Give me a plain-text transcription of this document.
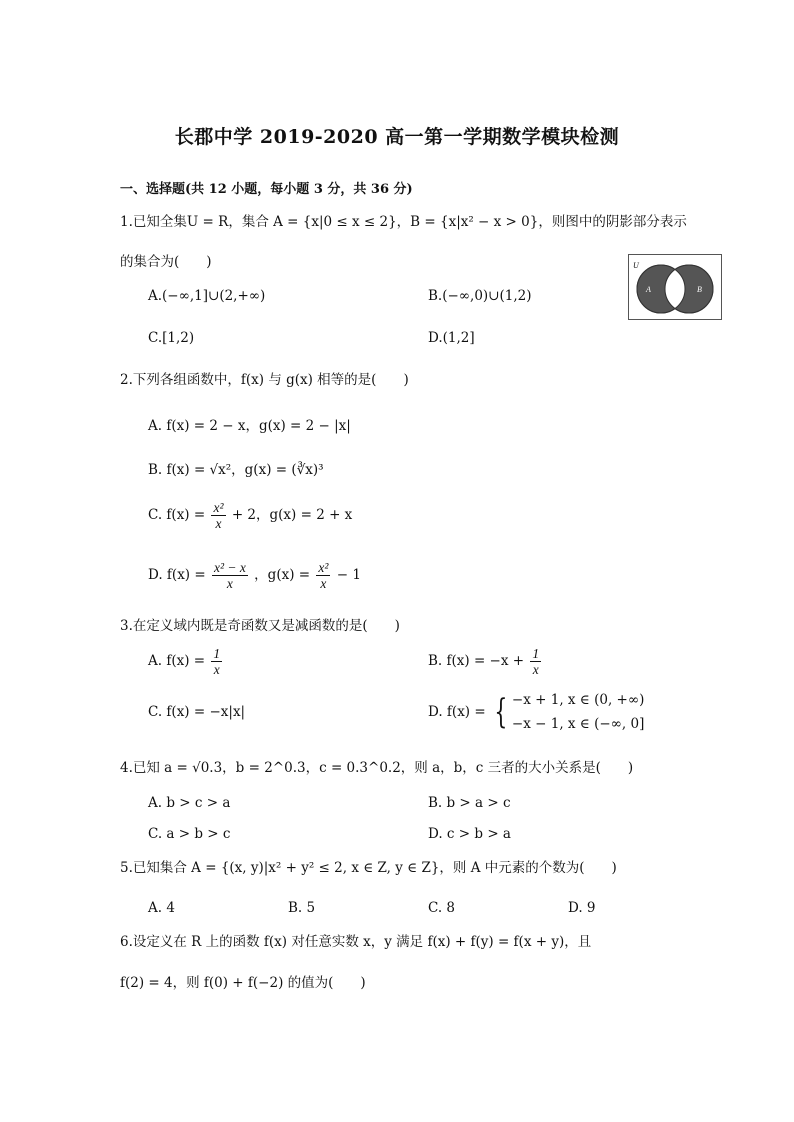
长郡中学 2019-2020 高一第一学期数学模块检测
一、选择题(共 12 小题，每小题 3 分，共 36 分)
1.已知全集U = R，集合 A = {x|0 ≤ x ≤ 2}，B = {x|x² − x > 0}，则图中的阴影部分表示
的集合为(　　)
A.(−∞,1]∪(2,+∞)	B.(−∞,0)∪(1,2)
C.[1,2)	D.(1,2]
U
A	B
2.下列各组函数中，f(x) 与 g(x) 相等的是(　　)
A. f(x) = 2 − x，g(x) = 2 − |x|
B. f(x) = √x²，g(x) = (∛x)³
C. $f(x) = \frac{\text{x²}}{x} + 2$，g(x) = 2 + x
D. $f(x) = \frac{\text{x² − x}}{x}$ ，$g(x) = \frac{\text{x²}}{x} - 1$
3.在定义域内既是奇函数又是减函数的是(　　)
A. $f(x) = \frac{1}{x}$	B. $f(x) = -x + \frac{1}{x}$
C. f(x) = −x|x|	D. f(x) = { −x + 1, x ∈ (0, +∞)
−x − 1, x ∈ (−∞, 0]
4.已知 a = √0.3，b = 2^0.3，c = 0.3^0.2，则 a，b，c 三者的大小关系是(　　)
A. b > c > a	B. b > a > c
C. a > b > c	D. c > b > a
5.已知集合 A = {(x, y)|x² + y² ≤ 2, x ∈ Z, y ∈ Z}，则 A 中元素的个数为(　　)
A. 4	B. 5	C. 8	D. 9
6.设定义在 R 上的函数 f(x) 对任意实数 x，y 满足 f(x) + f(y) = f(x + y)，且
f(2) = 4，则 f(0) + f(−2) 的值为(　　)
